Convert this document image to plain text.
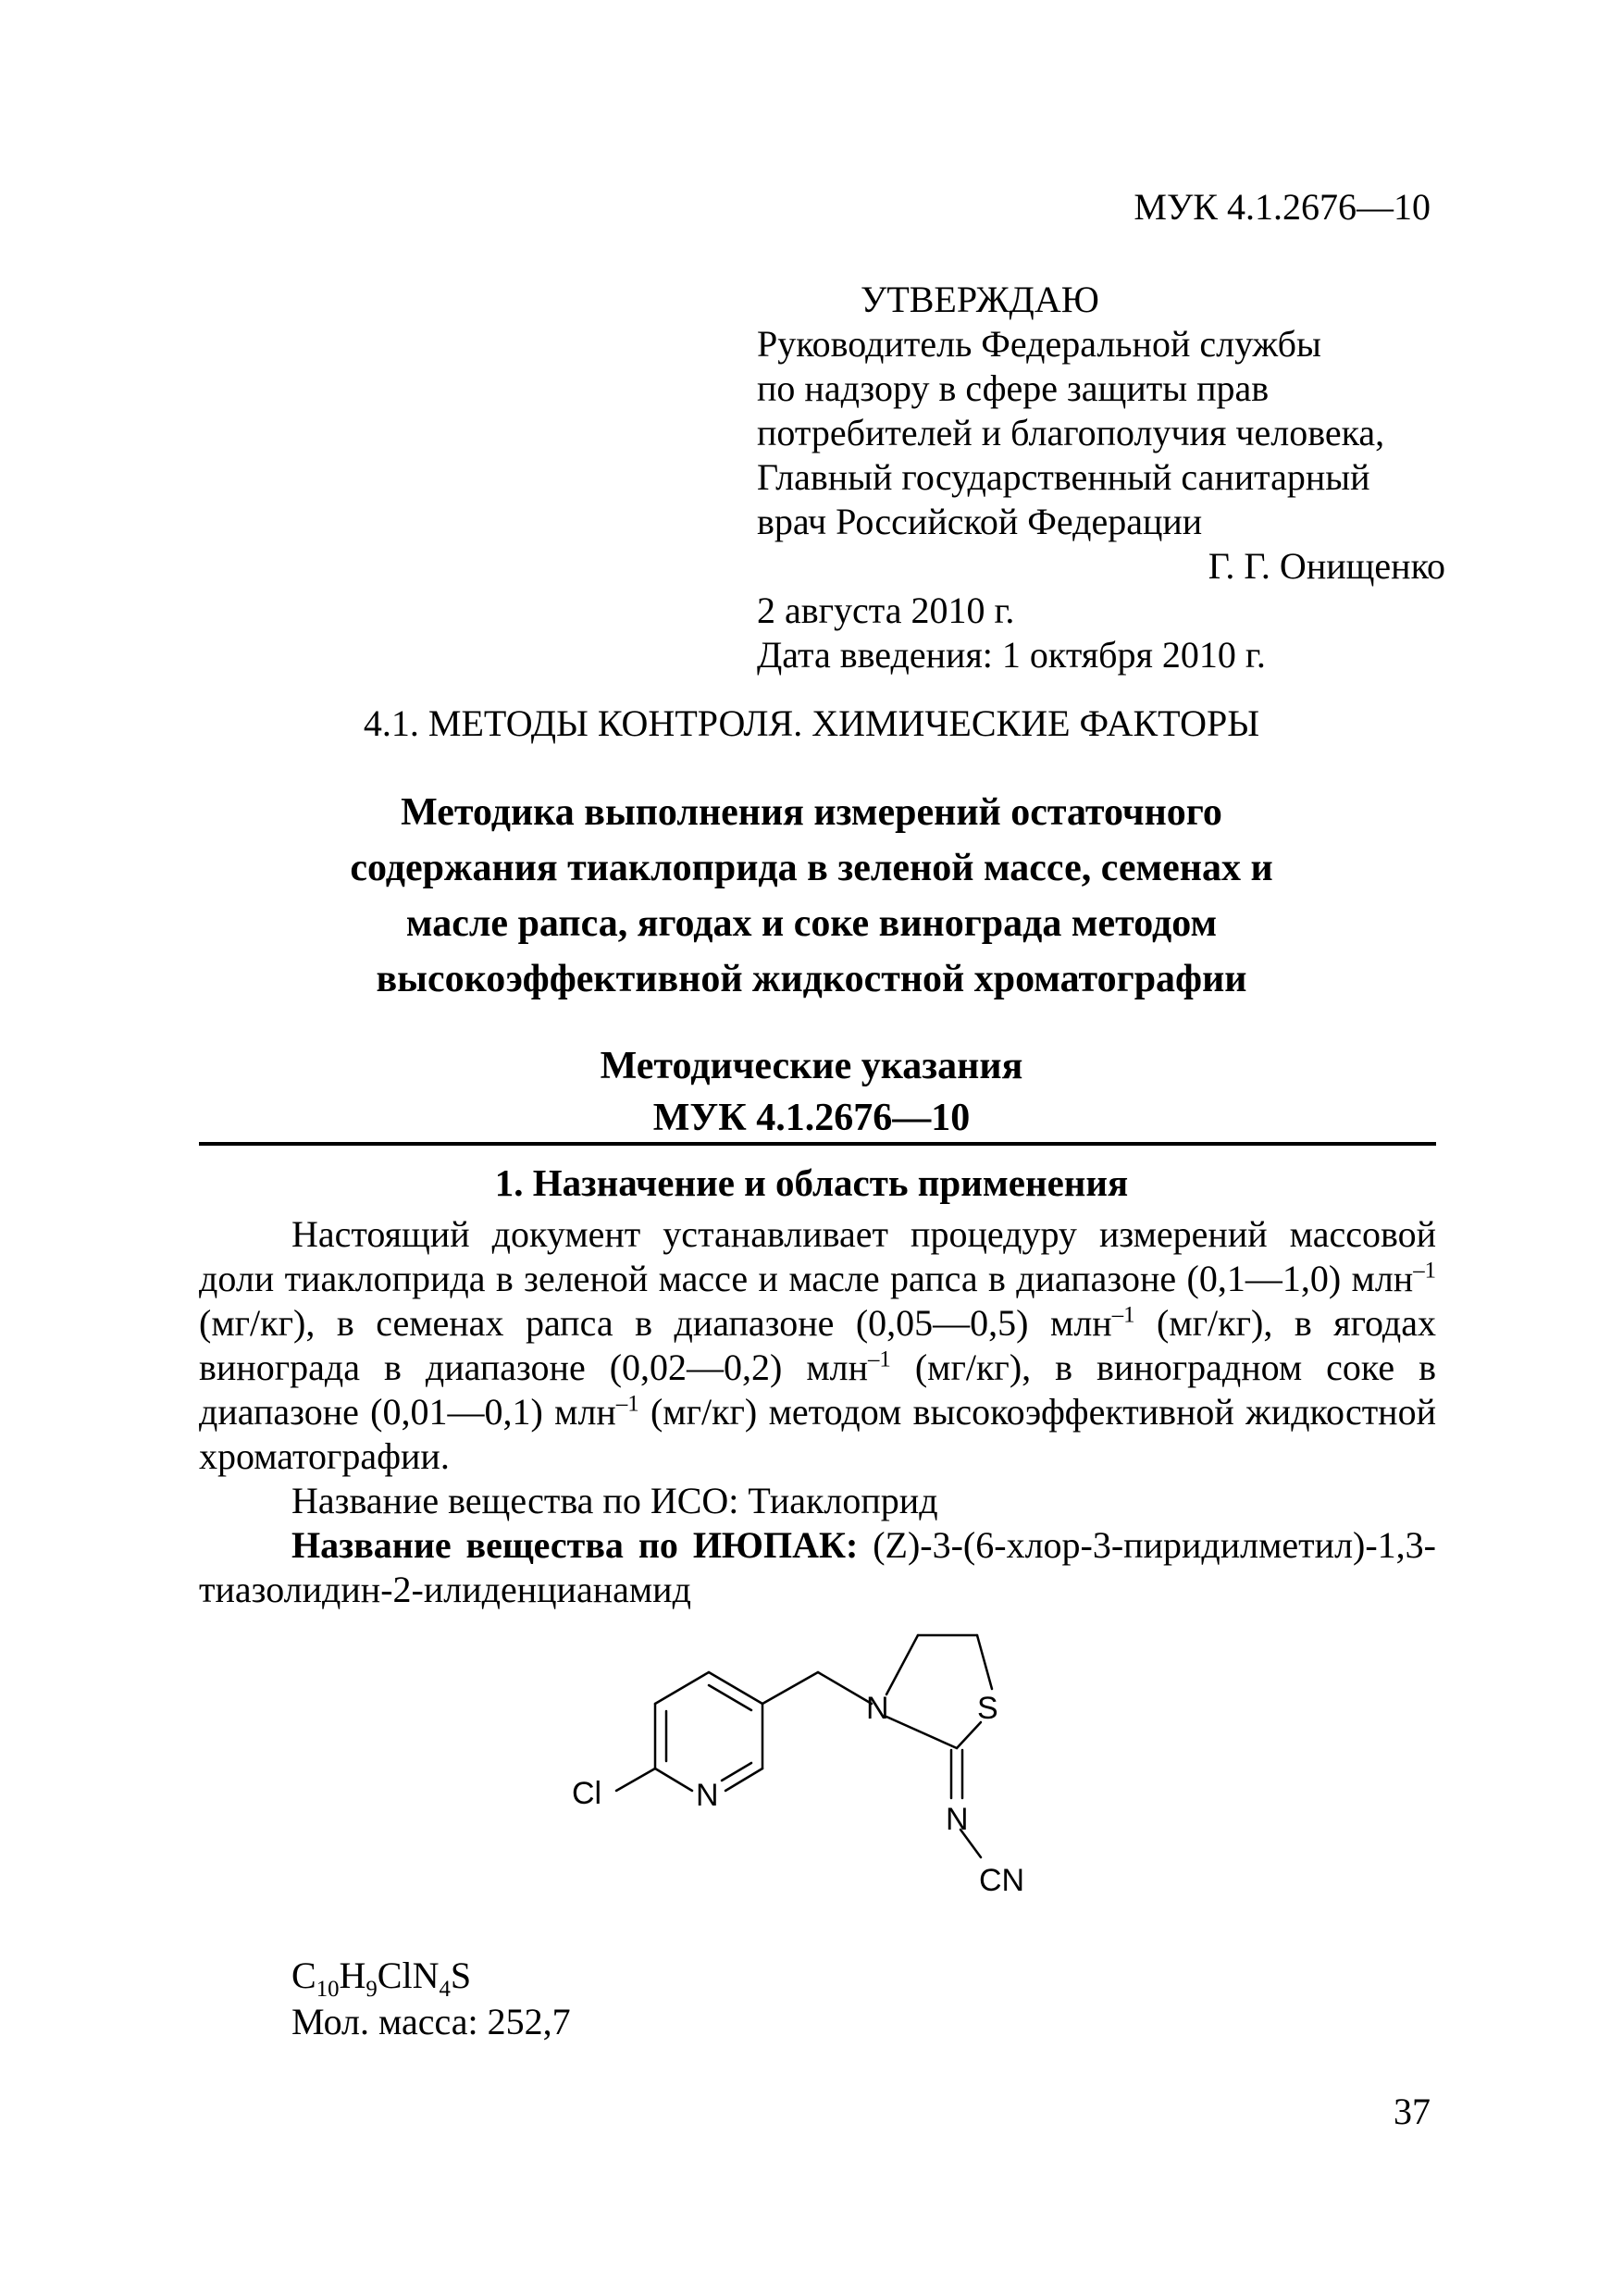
МУК 4.1.2676—10
УТВЕРЖДАЮ
Руководитель Федеральной службы
по надзору в сфере защиты прав
потребителей и благополучия человека,
Главный государственный санитарный
врач Российской Федерации
Г. Г. Онищенко
2 августа 2010 г.
Дата введения: 1 октября 2010 г.
4.1. МЕТОДЫ КОНТРОЛЯ. ХИМИЧЕСКИЕ ФАКТОРЫ
Методика выполнения измерений остаточного
содержания тиаклоприда в зеленой массе, семенах и
масле рапса, ягодах и соке винограда методом
высокоэффективной жидкостной хроматографии
Методические указания
МУК 4.1.2676—10
1. Назначение и область применения

Настоящий документ устанавливает процедуру измерений массовой доли тиаклоприда в зеленой массе и масле рапса в диапазоне (0,1—1,0) млн$^{-1}$ (мг/кг), в семенах рапса в диапазоне (0,05—0,5) млн$^{-1}$ (мг/кг), в ягодах винограда в диапазоне (0,02—0,2) млн$^{-1}$ (мг/кг), в виноградном соке в диапазоне (0,01—0,1) млн$^{-1}$ (мг/кг) методом высокоэффективной жидкостной хроматографии.

Название вещества по ИСО: Тиаклоприд

Название вещества по ИЮПАК: (Z)-3-(6-хлор-3-пиридилметил)-1,3-тиазолидин-2-илиденцианамид

Cl	N
N	S
N
CN
$C_{10}H_9ClN_4S$
Мол. масса: 252,7
37
